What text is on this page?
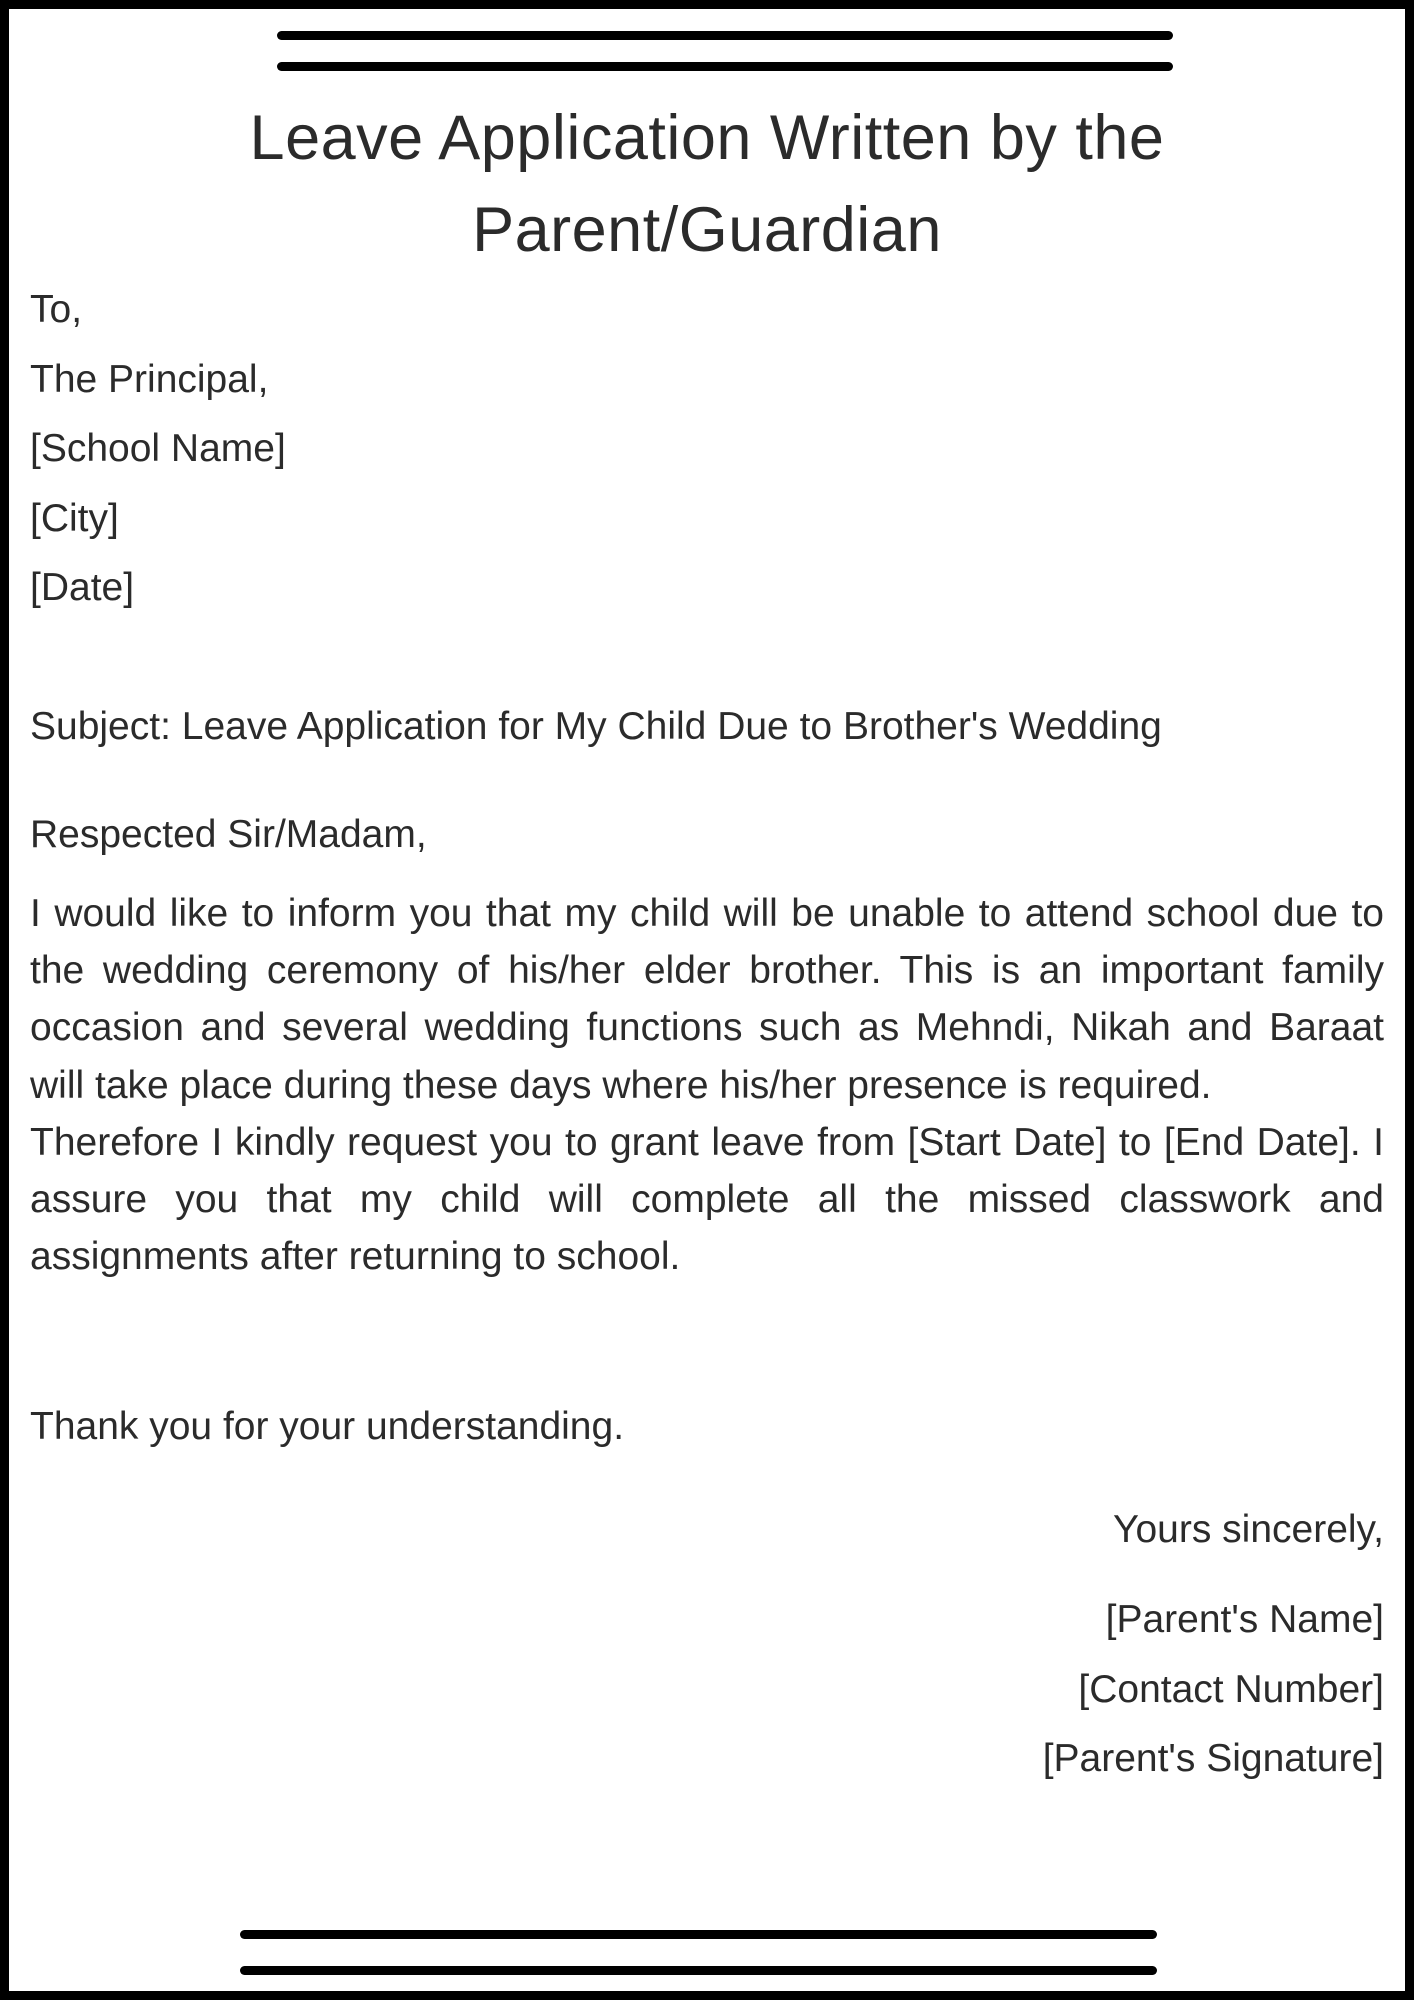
Leave Application Written by the
Parent/Guardian
To,
The Principal,
[School Name]
[City]
[Date]
Subject: Leave Application for My Child Due to Brother's Wedding
Respected Sir/Madam,

I would like to inform you that my child will be unable to attend school due to the wedding ceremony of his/her elder brother. This is an important family occasion and several wedding functions such as Mehndi, Nikah and Baraat will take place during these days where his/her presence is required.

Therefore I kindly request you to grant leave from [Start Date] to [End Date]. I assure you that my child will complete all the missed classwork and assignments after returning to school.

Thank you for your understanding.
Yours sincerely,
[Parent's Name]
[Contact Number]
[Parent's Signature]
